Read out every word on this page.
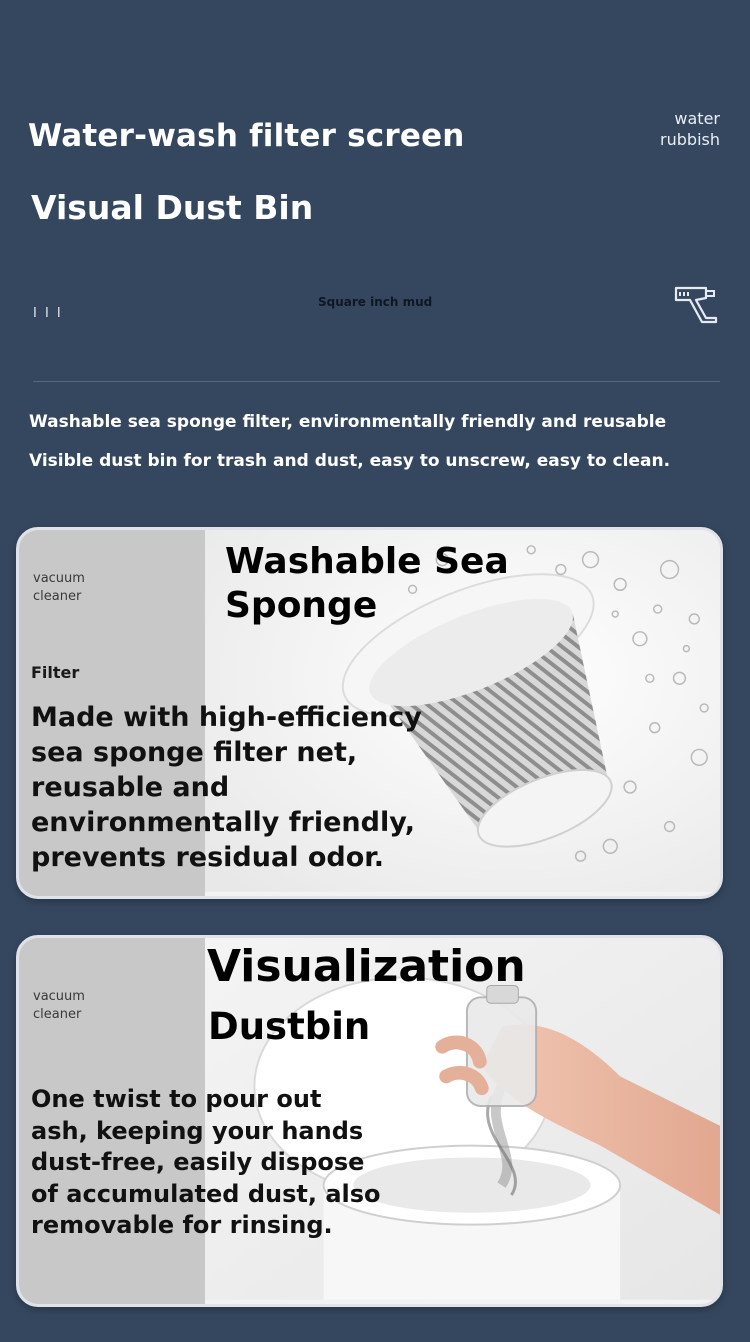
Water-wash filter screen
Visual Dust Bin
water
rubbish
I I I
Square inch mud
Washable sea sponge filter, environmentally friendly and reusable
Visible dust bin for trash and dust, easy to unscrew, easy to clean.
vacuum
cleaner
Washable Sea
Sponge
Filter
Made with high-efficiency sea sponge filter net, reusable and environmentally friendly, prevents residual odor.
vacuum
cleaner
Visualization
Dustbin
One twist to pour out ash, keeping your hands dust-free, easily dispose of accumulated dust, also removable for rinsing.
